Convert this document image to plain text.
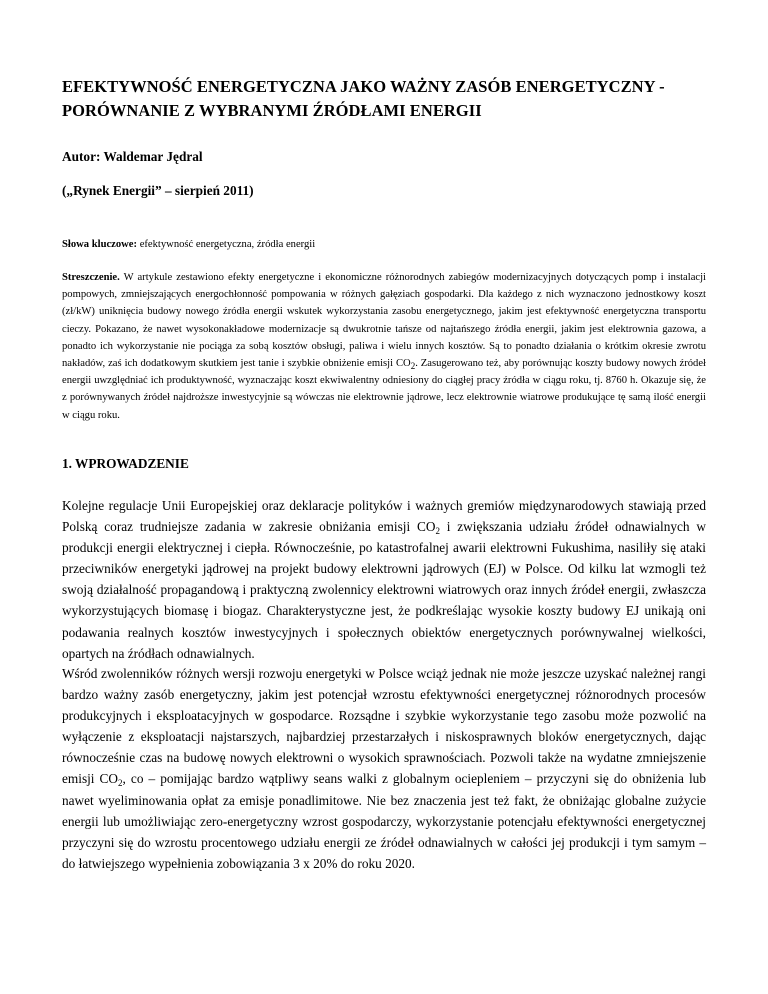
EFEKTYWNOŚĆ ENERGETYCZNA JAKO WAŻNY ZASÓB ENERGETYCZNY - PORÓWNANIE Z WYBRANYMI ŹRÓDŁAMI ENERGII
Autor: Waldemar Jędral
(„Rynek Energii” – sierpień 2011)
Słowa kluczowe: efektywność energetyczna, źródła energii
Streszczenie. W artykule zestawiono efekty energetyczne i ekonomiczne różnorodnych zabiegów modernizacyjnych dotyczących pomp i instalacji pompowych, zmniejszających energochłonność pompowania w różnych gałęziach gospodarki. Dla każdego z nich wyznaczono jednostkowy koszt (zł/kW) uniknięcia budowy nowego źródła energii wskutek wykorzystania zasobu energetycznego, jakim jest efektywność energetyczna transportu cieczy. Pokazano, że nawet wysokonakładowe modernizacje są dwukrotnie tańsze od najtańszego źródła energii, jakim jest elektrownia gazowa, a ponadto ich wykorzystanie nie pociąga za sobą kosztów obsługi, paliwa i wielu innych kosztów. Są to ponadto działania o krótkim okresie zwrotu nakładów, zaś ich dodatkowym skutkiem jest tanie i szybkie obniżenie emisji $CO_2$. Zasugerowano też, aby porównując koszty budowy nowych źródeł energii uwzględniać ich produktywność, wyznaczając koszt ekwiwalentny odniesiony do ciągłej pracy źródła w ciągu roku, tj. 8760 h. Okazuje się, że z porównywanych źródeł najdroższe inwestycyjnie są wówczas nie elektrownie jądrowe, lecz elektrownie wiatrowe produkujące tę samą ilość energii w ciągu roku.
1. WPROWADZENIE
Kolejne regulacje Unii Europejskiej oraz deklaracje polityków i ważnych gremiów międzynarodowych stawiają przed Polską coraz trudniejsze zadania w zakresie obniżania emisji $CO_2$ i zwiększania udziału źródeł odnawialnych w produkcji energii elektrycznej i ciepła. Równocześnie, po katastrofalnej awarii elektrowni Fukushima, nasiliły się ataki przeciwników energetyki jądrowej na projekt budowy elektrowni jądrowych (EJ) w Polsce. Od kilku lat wzmogli też swoją działalność propagandową i praktyczną zwolennicy elektrowni wiatrowych oraz innych źródeł energii, zwłaszcza wykorzystujących biomasę i biogaz. Charakterystyczne jest, że podkreślając wysokie koszty budowy EJ unikają oni podawania realnych kosztów inwestycyjnych i społecznych obiektów energetycznych porównywalnej wielkości, opartych na źródłach odnawialnych.
Wśród zwolenników różnych wersji rozwoju energetyki w Polsce wciąż jednak nie może jeszcze uzyskać należnej rangi bardzo ważny zasób energetyczny, jakim jest potencjał wzrostu efektywności energetycznej różnorodnych procesów produkcyjnych i eksploatacyjnych w gospodarce. Rozsądne i szybkie wykorzystanie tego zasobu może pozwolić na wyłączenie z eksploatacji najstarszych, najbardziej przestarzałych i niskosprawnych bloków energetycznych, dając równocześnie czas na budowę nowych elektrowni o wysokich sprawnościach. Pozwoli także na wydatne zmniejszenie emisji $CO_2$, co – pomijając bardzo wątpliwy seans walki z globalnym ociepleniem – przyczyni się do obniżenia lub nawet wyeliminowania opłat za emisje ponadlimitowe. Nie bez znaczenia jest też fakt, że obniżając globalne zużycie energii lub umożliwiając zero-energetyczny wzrost gospodarczy, wykorzystanie potencjału efektywności energetycznej przyczyni się do wzrostu procentowego udziału energii ze źródeł odnawialnych w całości jej produkcji i tym samym – do łatwiejszego wypełnienia zobowiązania 3 x 20% do roku 2020.
